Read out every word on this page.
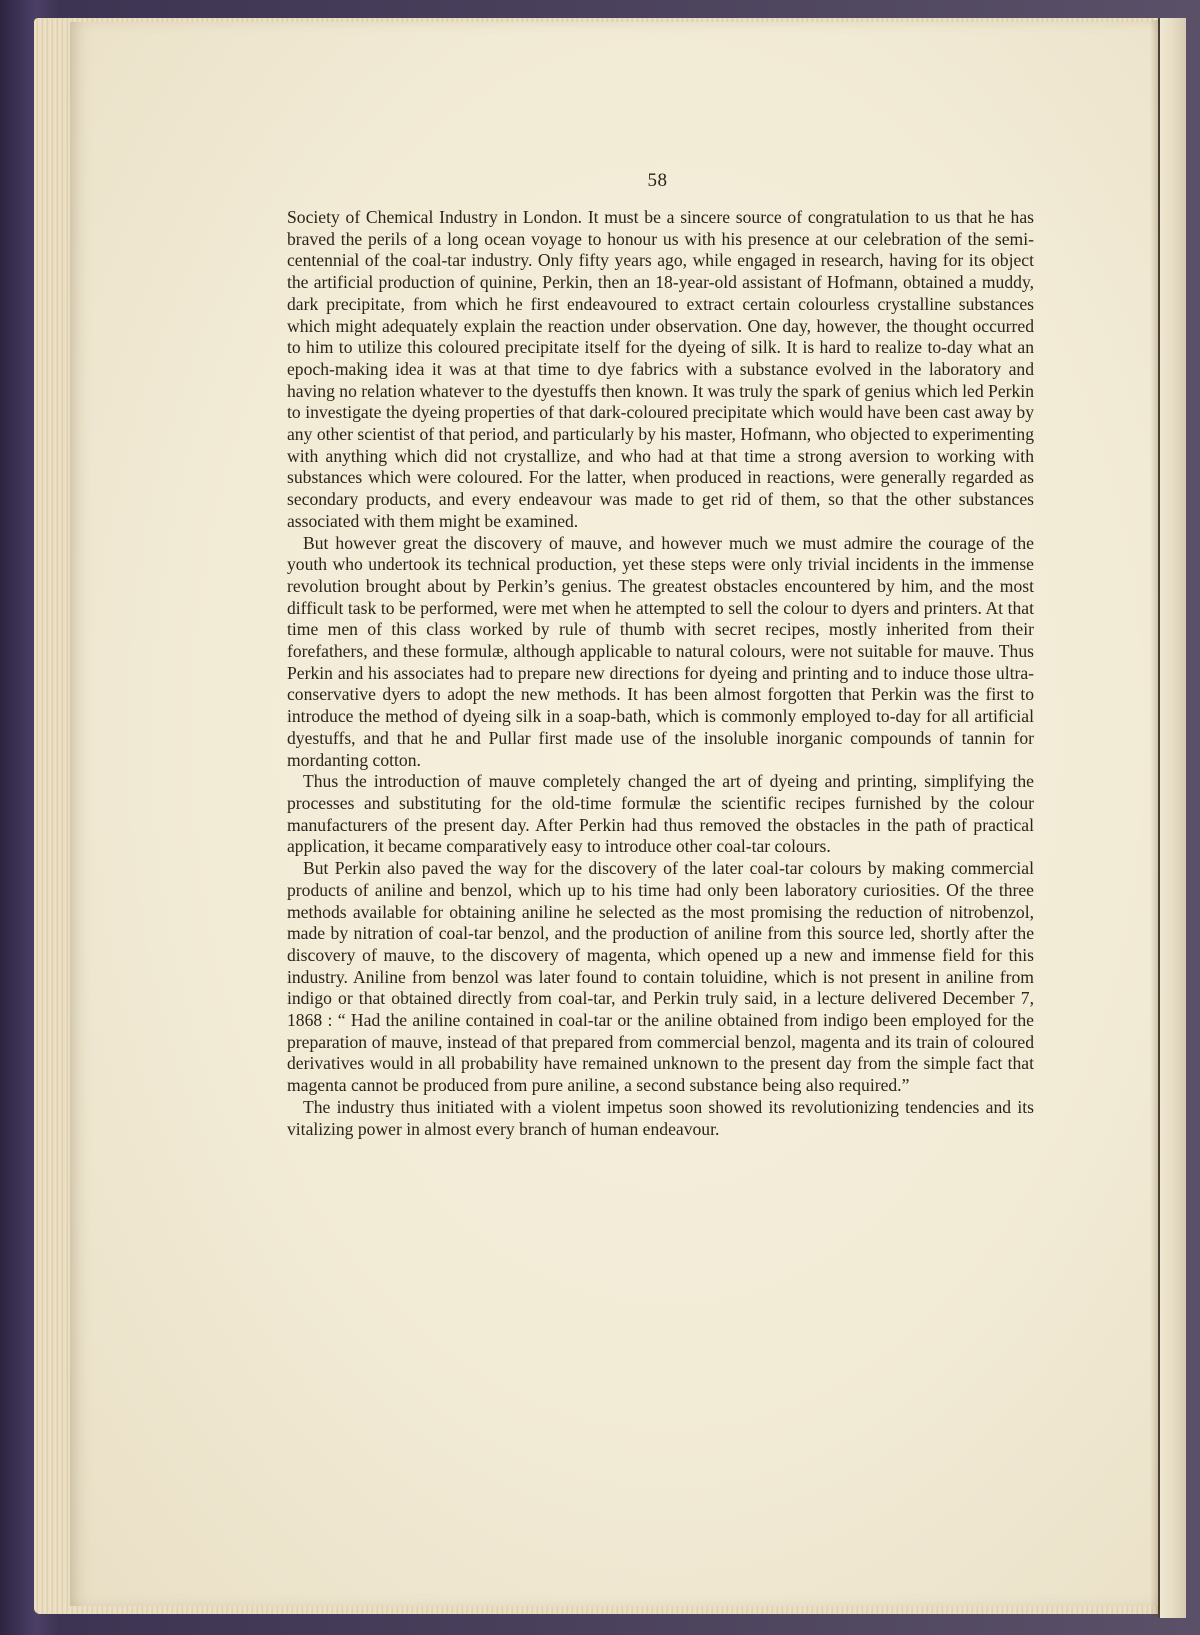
58

Society of Chemical Industry in London. It must be a sincere source of congratulation to us that he has braved the perils of a long ocean voyage to honour us with his presence at our celebration of the semi-centennial of the coal-tar industry. Only fifty years ago, while engaged in research, having for its object the artificial production of quinine, Perkin, then an 18-year-old assistant of Hofmann, obtained a muddy, dark precipitate, from which he first endeavoured to extract certain colourless crystalline substances which might adequately explain the reaction under observation. One day, however, the thought occurred to him to utilize this coloured precipitate itself for the dyeing of silk. It is hard to realize to-day what an epoch-making idea it was at that time to dye fabrics with a substance evolved in the laboratory and having no relation whatever to the dyestuffs then known. It was truly the spark of genius which led Perkin to investigate the dyeing properties of that dark-coloured precipitate which would have been cast away by any other scientist of that period, and particularly by his master, Hofmann, who objected to experimenting with anything which did not crystallize, and who had at that time a strong aversion to working with substances which were coloured. For the latter, when produced in reactions, were generally regarded as secondary products, and every endeavour was made to get rid of them, so that the other substances associated with them might be examined.

But however great the discovery of mauve, and however much we must admire the courage of the youth who undertook its technical production, yet these steps were only trivial incidents in the immense revolution brought about by Perkin’s genius. The greatest obstacles encountered by him, and the most difficult task to be performed, were met when he attempted to sell the colour to dyers and printers. At that time men of this class worked by rule of thumb with secret recipes, mostly inherited from their forefathers, and these formulæ, although applicable to natural colours, were not suitable for mauve. Thus Perkin and his associates had to prepare new directions for dyeing and printing and to induce those ultra-conservative dyers to adopt the new methods. It has been almost forgotten that Perkin was the first to introduce the method of dyeing silk in a soap-bath, which is commonly employed to-day for all artificial dyestuffs, and that he and Pullar first made use of the insoluble inorganic compounds of tannin for mordanting cotton.

Thus the introduction of mauve completely changed the art of dyeing and printing, simplifying the processes and substituting for the old-time formulæ the scientific recipes furnished by the colour manufacturers of the present day. After Perkin had thus removed the obstacles in the path of practical application, it became comparatively easy to introduce other coal-tar colours.

But Perkin also paved the way for the discovery of the later coal-tar colours by making commercial products of aniline and benzol, which up to his time had only been laboratory curiosities. Of the three methods available for obtaining aniline he selected as the most promising the reduction of nitrobenzol, made by nitration of coal-tar benzol, and the production of aniline from this source led, shortly after the discovery of mauve, to the discovery of magenta, which opened up a new and immense field for this industry. Aniline from benzol was later found to contain toluidine, which is not present in aniline from indigo or that obtained directly from coal-tar, and Perkin truly said, in a lecture delivered December 7, 1868 : “ Had the aniline contained in coal-tar or the aniline obtained from indigo been employed for the preparation of mauve, instead of that prepared from commercial benzol, magenta and its train of coloured derivatives would in all probability have remained unknown to the present day from the simple fact that magenta cannot be produced from pure aniline, a second substance being also required.”

The industry thus initiated with a violent impetus soon showed its revolutionizing tendencies and its vitalizing power in almost every branch of human endeavour.
